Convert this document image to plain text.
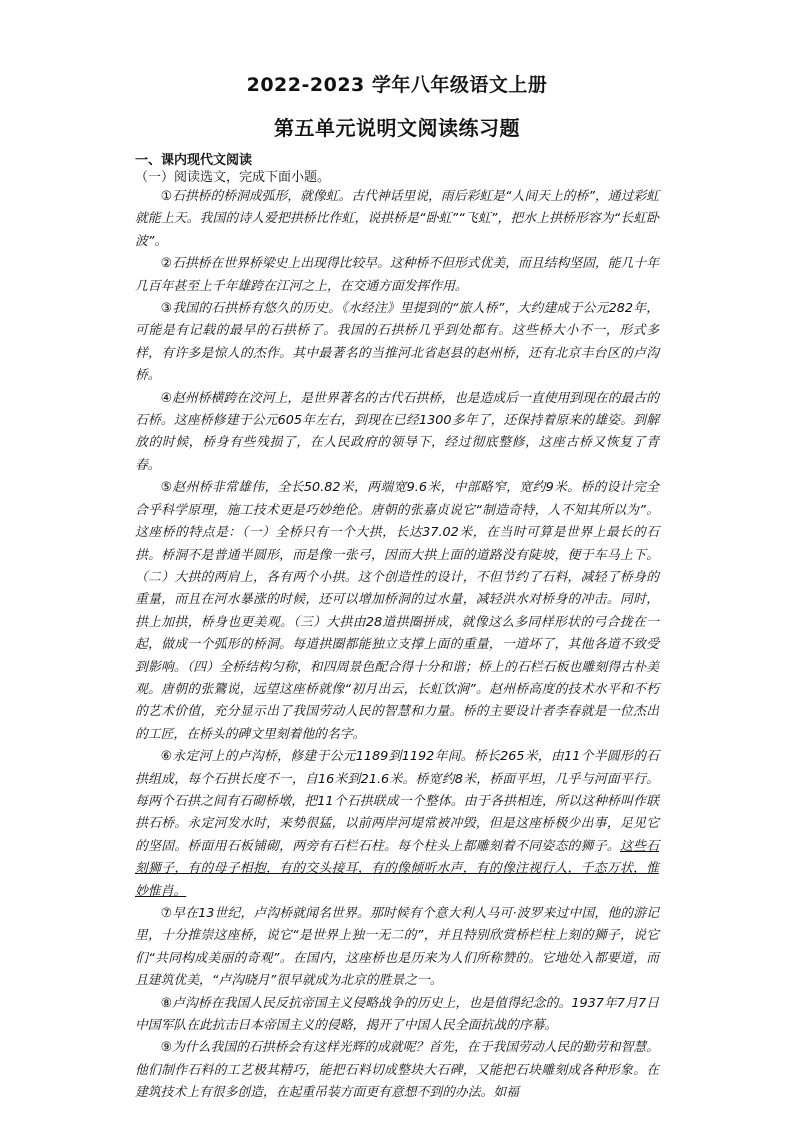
2022-2023 学年八年级语文上册
第五单元说明文阅读练习题
一、课内现代文阅读
（一）阅读选文，完成下面小题。

①石拱桥的桥洞成弧形，就像虹。古代神话里说，雨后彩虹是“人间天上的桥”，通过彩虹就能上天。我国的诗人爱把拱桥比作虹，说拱桥是“卧虹”“飞虹”，把水上拱桥形容为“长虹卧波”。

②石拱桥在世界桥梁史上出现得比较早。这种桥不但形式优美，而且结构坚固，能几十年几百年甚至上千年雄跨在江河之上，在交通方面发挥作用。

③我国的石拱桥有悠久的历史。《水经注》里提到的“旅人桥”，大约建成于公元282年，可能是有记载的最早的石拱桥了。我国的石拱桥几乎到处都有。这些桥大小不一，形式多样，有许多是惊人的杰作。其中最著名的当推河北省赵县的赵州桥，还有北京丰台区的卢沟桥。

④赵州桥横跨在洨河上，是世界著名的古代石拱桥，也是造成后一直使用到现在的最古的石桥。这座桥修建于公元605年左右，到现在已经1300多年了，还保持着原来的雄姿。到解放的时候，桥身有些残损了，在人民政府的领导下，经过彻底整修，这座古桥又恢复了青春。

⑤赵州桥非常雄伟，全长50.82米，两端宽9.6米，中部略窄，宽约9米。桥的设计完全合乎科学原理，施工技术更是巧妙绝伦。唐朝的张嘉贞说它“制造奇特，人不知其所以为”。这座桥的特点是：（一）全桥只有一个大拱，长达37.02米，在当时可算是世界上最长的石拱。桥洞不是普通半圆形，而是像一张弓，因而大拱上面的道路没有陡坡，便于车马上下。（二）大拱的两肩上，各有两个小拱。这个创造性的设计，不但节约了石料，减轻了桥身的重量，而且在河水暴涨的时候，还可以增加桥洞的过水量，减轻洪水对桥身的冲击。同时，拱上加拱，桥身也更美观。（三）大拱由28道拱圈拼成，就像这么多同样形状的弓合拢在一起，做成一个弧形的桥洞。每道拱圈都能独立支撑上面的重量，一道坏了，其他各道不致受到影响。（四）全桥结构匀称，和四周景色配合得十分和谐；桥上的石栏石板也雕刻得古朴美观。唐朝的张鷟说，远望这座桥就像“初月出云，长虹饮涧”。赵州桥高度的技术水平和不朽的艺术价值，充分显示出了我国劳动人民的智慧和力量。桥的主要设计者李春就是一位杰出的工匠，在桥头的碑文里刻着他的名字。

⑥永定河上的卢沟桥，修建于公元1189到1192年间。桥长265米，由11个半圆形的石拱组成，每个石拱长度不一，自16米到21.6米。桥宽约8米，桥面平坦，几乎与河面平行。每两个石拱之间有石砌桥墩，把11个石拱联成一个整体。由于各拱相连，所以这种桥叫作联拱石桥。永定河发水时，来势很猛，以前两岸河堤常被冲毁，但是这座桥极少出事，足见它的坚固。桥面用石板铺砌，两旁有石栏石柱。每个柱头上都雕刻着不同姿态的狮子。这些石刻狮子，有的母子相抱，有的交头接耳，有的像倾听水声，有的像注视行人，千态万状，惟妙惟肖。

⑦早在13世纪，卢沟桥就闻名世界。那时候有个意大利人马可·波罗来过中国，他的游记里，十分推崇这座桥，说它“是世界上独一无二的”，并且特别欣赏桥栏柱上刻的狮子，说它们“共同构成美丽的奇观”。在国内，这座桥也是历来为人们所称赞的。它地处入都要道，而且建筑优美，“卢沟晓月”很早就成为北京的胜景之一。

⑧卢沟桥在我国人民反抗帝国主义侵略战争的历史上，也是值得纪念的。1937年7月7日中国军队在此抗击日本帝国主义的侵略，揭开了中国人民全面抗战的序幕。

⑨为什么我国的石拱桥会有这样光辉的成就呢？首先，在于我国劳动人民的勤劳和智慧。他们制作石料的工艺极其精巧，能把石料切成整块大石碑，又能把石块雕刻成各种形象。在建筑技术上有很多创造，在起重吊装方面更有意想不到的办法。如福
